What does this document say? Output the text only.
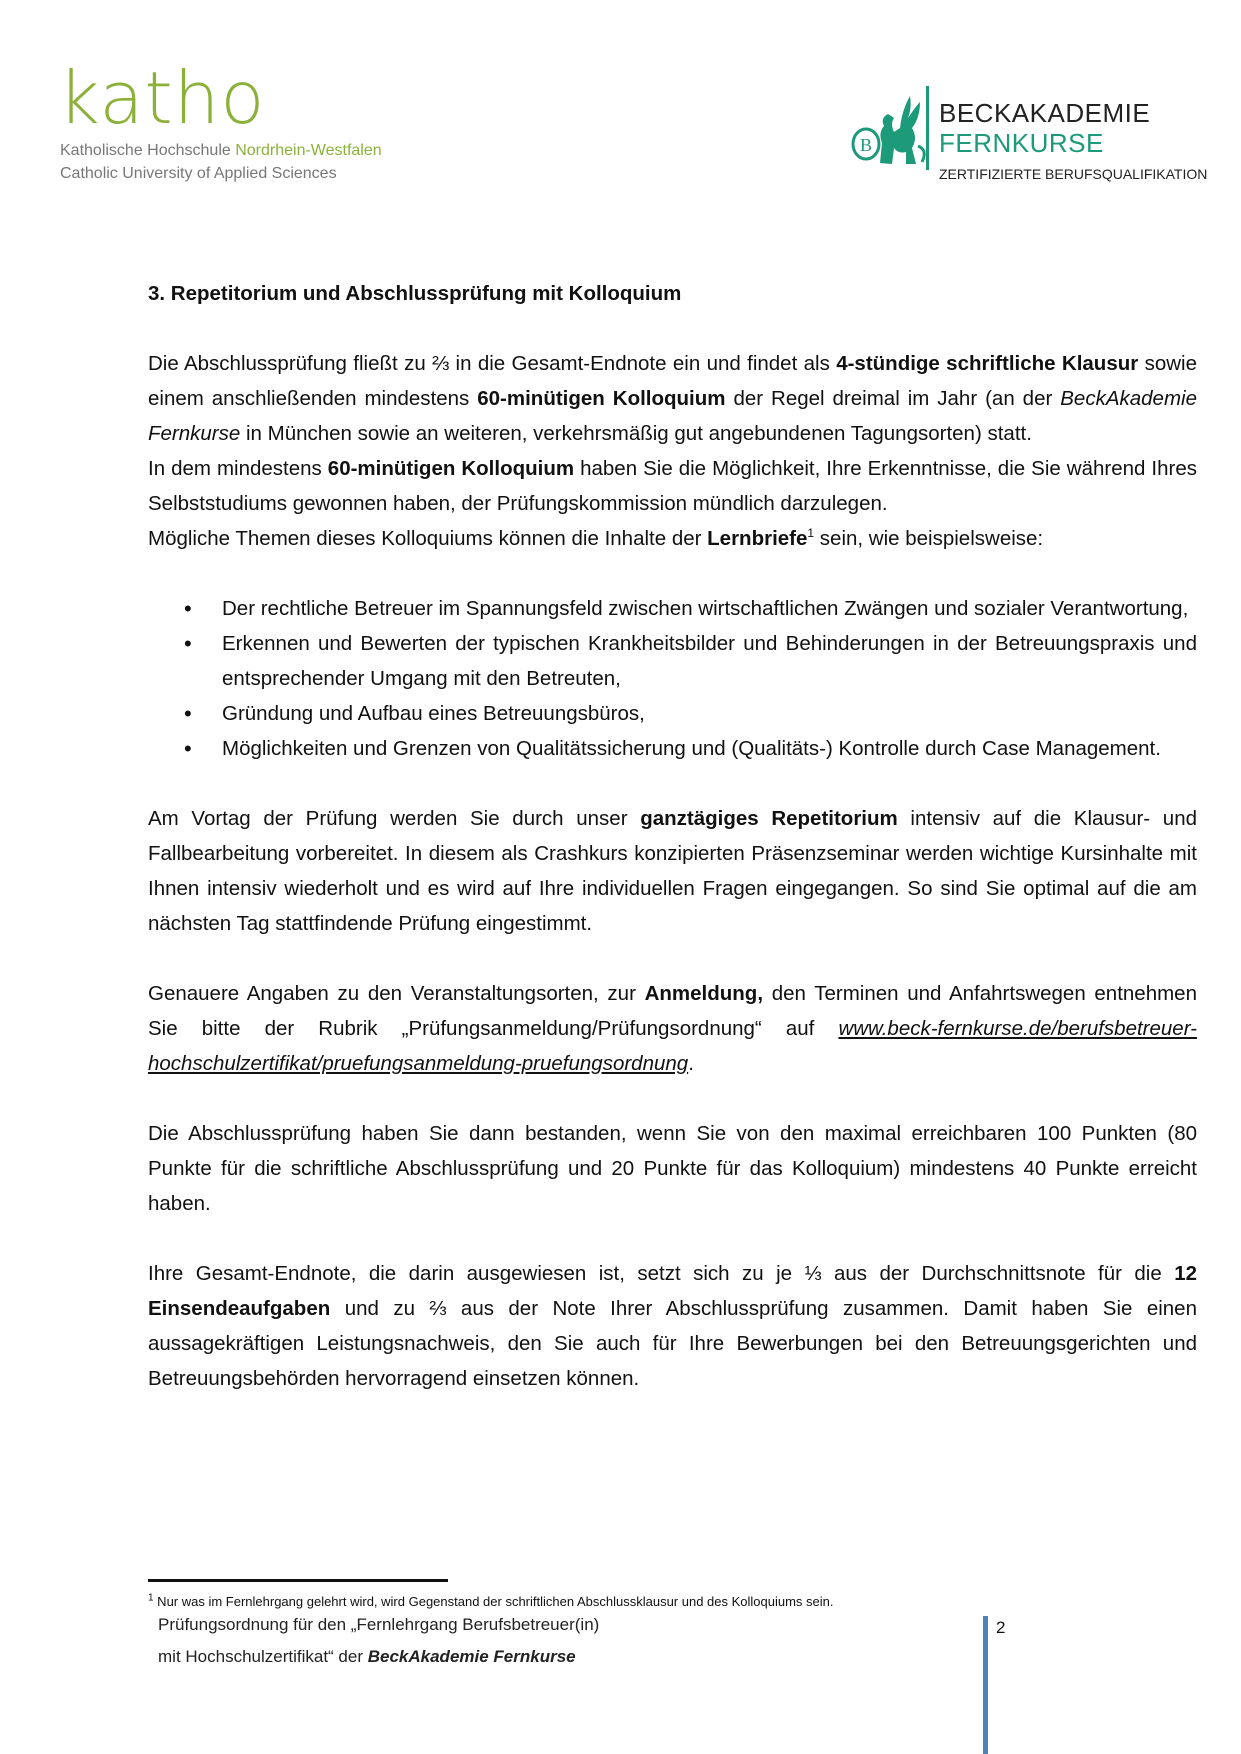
katho
Katholische Hochschule Nordrhein-Westfalen
Catholic University of Applied Sciences
B
BECKAKADEMIE
FERNKURSE
ZERTIFIZIERTE BERUFSQUALIFIKATION

3. Repetitorium und Abschlussprüfung mit Kolloquium

Die Abschlussprüfung fließt zu ⅔ in die Gesamt-Endnote ein und findet als 4-stündige schriftliche Klausur sowie einem anschließenden mindestens 60-minütigen Kolloquium der Regel dreimal im Jahr (an der BeckAkademie Fernkurse in München sowie an weiteren, verkehrsmäßig gut angebundenen Tagungsorten) statt.

In dem mindestens 60-minütigen Kolloquium haben Sie die Möglichkeit, Ihre Erkenntnisse, die Sie während Ihres Selbststudiums gewonnen haben, der Prüfungskommission mündlich darzulegen.

Mögliche Themen dieses Kolloquiums können die Inhalte der Lernbriefe$^1$ sein, wie beispielsweise:

• Der rechtliche Betreuer im Spannungsfeld zwischen wirtschaftlichen Zwängen und sozialer Verantwortung,
• Erkennen und Bewerten der typischen Krankheitsbilder und Behinderungen in der Betreuungspraxis und entsprechender Umgang mit den Betreuten,
• Gründung und Aufbau eines Betreuungsbüros,
• Möglichkeiten und Grenzen von Qualitätssicherung und (Qualitäts-) Kontrolle durch Case Management.

Am Vortag der Prüfung werden Sie durch unser ganztägiges Repetitorium intensiv auf die Klausur- und Fallbearbeitung vorbereitet. In diesem als Crashkurs konzipierten Präsenzseminar werden wichtige Kursinhalte mit Ihnen intensiv wiederholt und es wird auf Ihre individuellen Fragen eingegangen. So sind Sie optimal auf die am nächsten Tag stattfindende Prüfung eingestimmt.

Genauere Angaben zu den Veranstaltungsorten, zur Anmeldung, den Terminen und Anfahrtswegen entnehmen Sie bitte der Rubrik „Prüfungsanmeldung/Prüfungsordnung“ auf www.beck-fernkurse.de/berufsbetreuer-hochschulzertifikat/pruefungsanmeldung-pruefungsordnung.

Die Abschlussprüfung haben Sie dann bestanden, wenn Sie von den maximal erreichbaren 100 Punkten (80 Punkte für die schriftliche Abschlussprüfung und 20 Punkte für das Kolloquium) mindestens 40 Punkte erreicht haben.

Ihre Gesamt-Endnote, die darin ausgewiesen ist, setzt sich zu je ⅓ aus der Durchschnittsnote für die 12 Einsendeaufgaben und zu ⅔ aus der Note Ihrer Abschlussprüfung zusammen. Damit haben Sie einen aussagekräftigen Leistungsnachweis, den Sie auch für Ihre Bewerbungen bei den Betreuungsgerichten und Betreuungsbehörden hervorragend einsetzen können.

$^1$ Nur was im Fernlehrgang gelehrt wird, wird Gegenstand der schriftlichen Abschlussklausur und des Kolloquiums sein.
Prüfungsordnung für den „Fernlehrgang Berufsbetreuer(in)
mit Hochschulzertifikat“ der BeckAkademie Fernkurse
2
